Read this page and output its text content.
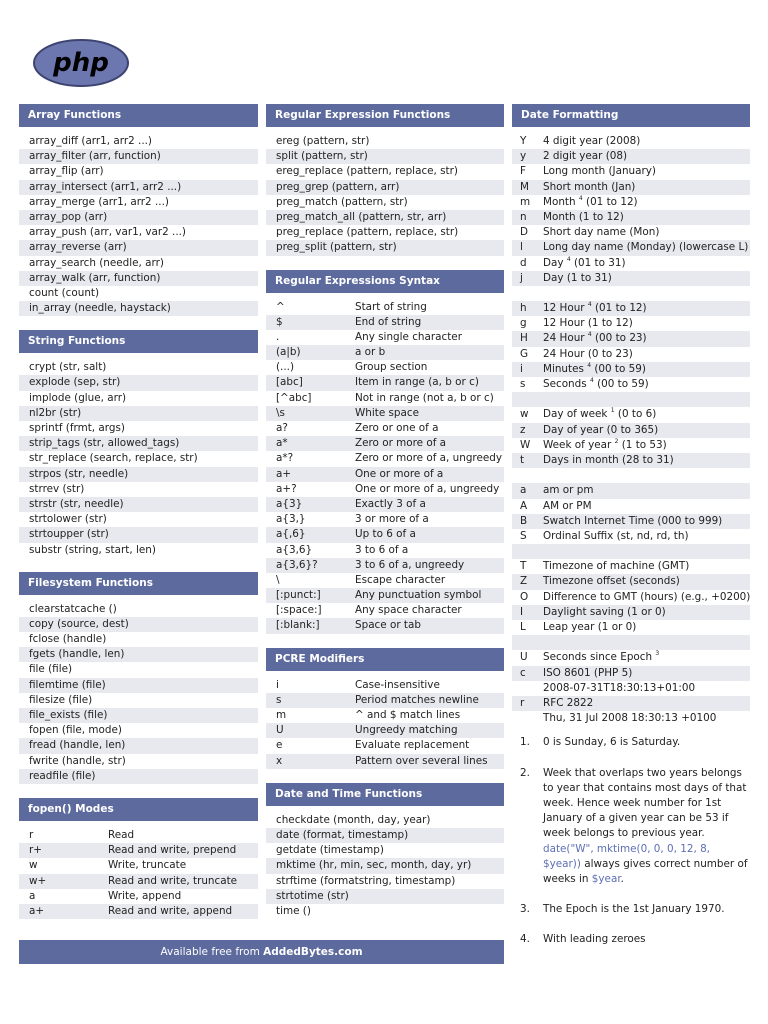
php
Array Functions
array_diff (arr1, arr2 ...)
array_filter (arr, function)
array_flip (arr)
array_intersect (arr1, arr2 ...)
array_merge (arr1, arr2 ...)
array_pop (arr)
array_push (arr, var1, var2 ...)
array_reverse (arr)
array_search (needle, arr)
array_walk (arr, function)
count (count)
in_array (needle, haystack)
String Functions
crypt (str, salt)
explode (sep, str)
implode (glue, arr)
nl2br (str)
sprintf (frmt, args)
strip_tags (str, allowed_tags)
str_replace (search, replace, str)
strpos (str, needle)
strrev (str)
strstr (str, needle)
strtolower (str)
strtoupper (str)
substr (string, start, len)
Filesystem Functions
clearstatcache ()
copy (source, dest)
fclose (handle)
fgets (handle, len)
file (file)
filemtime (file)
filesize (file)
file_exists (file)
fopen (file, mode)
fread (handle, len)
fwrite (handle, str)
readfile (file)
fopen() Modes
r	Read
r+	Read and write, prepend
w	Write, truncate
w+	Read and write, truncate
a	Write, append
a+	Read and write, append
Regular Expression Functions
ereg (pattern, str)
split (pattern, str)
ereg_replace (pattern, replace, str)
preg_grep (pattern, arr)
preg_match (pattern, str)
preg_match_all (pattern, str, arr)
preg_replace (pattern, replace, str)
preg_split (pattern, str)
Regular Expressions Syntax
^	Start of string
$	End of string
.	Any single character
(a|b)	a or b
(...)	Group section
[abc]	Item in range (a, b or c)
[^abc]	Not in range (not a, b or c)
\s	White space
a?	Zero or one of a
a*	Zero or more of a
a*?	Zero or more of a, ungreedy
a+	One or more of a
a+?	One or more of a, ungreedy
a{3}	Exactly 3 of a
a{3,}	3 or more of a
a{,6}	Up to 6 of a
a{3,6}	3 to 6 of a
a{3,6}?	3 to 6 of a, ungreedy
\	Escape character
[:punct:]	Any punctuation symbol
[:space:]	Any space character
[:blank:]	Space or tab
PCRE Modifiers
i	Case-insensitive
s	Period matches newline
m	^ and $ match lines
U	Ungreedy matching
e	Evaluate replacement
x	Pattern over several lines
Date and Time Functions
checkdate (month, day, year)
date (format, timestamp)
getdate (timestamp)
mktime (hr, min, sec, month, day, yr)
strftime (formatstring, timestamp)
strtotime (str)
time ()
Date Formatting
Y 4 digit year (2008)
y 2 digit year (08)
F Long month (January)
M Short month (Jan)
m Month $^4$ (01 to 12)
n Month (1 to 12)
D Short day name (Mon)
l Long day name (Monday) (lowercase L)
d Day $^4$ (01 to 31)
j Day (1 to 31)
h 12 Hour $^4$ (01 to 12)
g 12 Hour (1 to 12)
H 24 Hour $^4$ (00 to 23)
G 24 Hour (0 to 23)
i Minutes $^4$ (00 to 59)
s Seconds $^4$ (00 to 59)
w Day of week $^1$ (0 to 6)
z Day of year (0 to 365)
W Week of year $^2$ (1 to 53)
t Days in month (28 to 31)
a am or pm
A AM or PM
B Swatch Internet Time (000 to 999)
S Ordinal Suffix (st, nd, rd, th)
T Timezone of machine (GMT)
Z Timezone offset (seconds)
O Difference to GMT (hours) (e.g., +0200)
I Daylight saving (1 or 0)
L Leap year (1 or 0)
U Seconds since Epoch $^3$
c ISO 8601 (PHP 5)
2008-07-31T18:30:13+01:00
r RFC 2822
Thu, 31 Jul 2008 18:30:13 +0100
1. 0 is Sunday, 6 is Saturday.
2. Week that overlaps two years belongs to year that contains most days of that week. Hence week number for 1st January of a given year can be 53 if week belongs to previous year. date("W", mktime(0, 0, 0, 12, 8, $year)) always gives correct number of weeks in $year.
3. The Epoch is the 1st January 1970.
4. With leading zeroes
Available free from AddedBytes.com
